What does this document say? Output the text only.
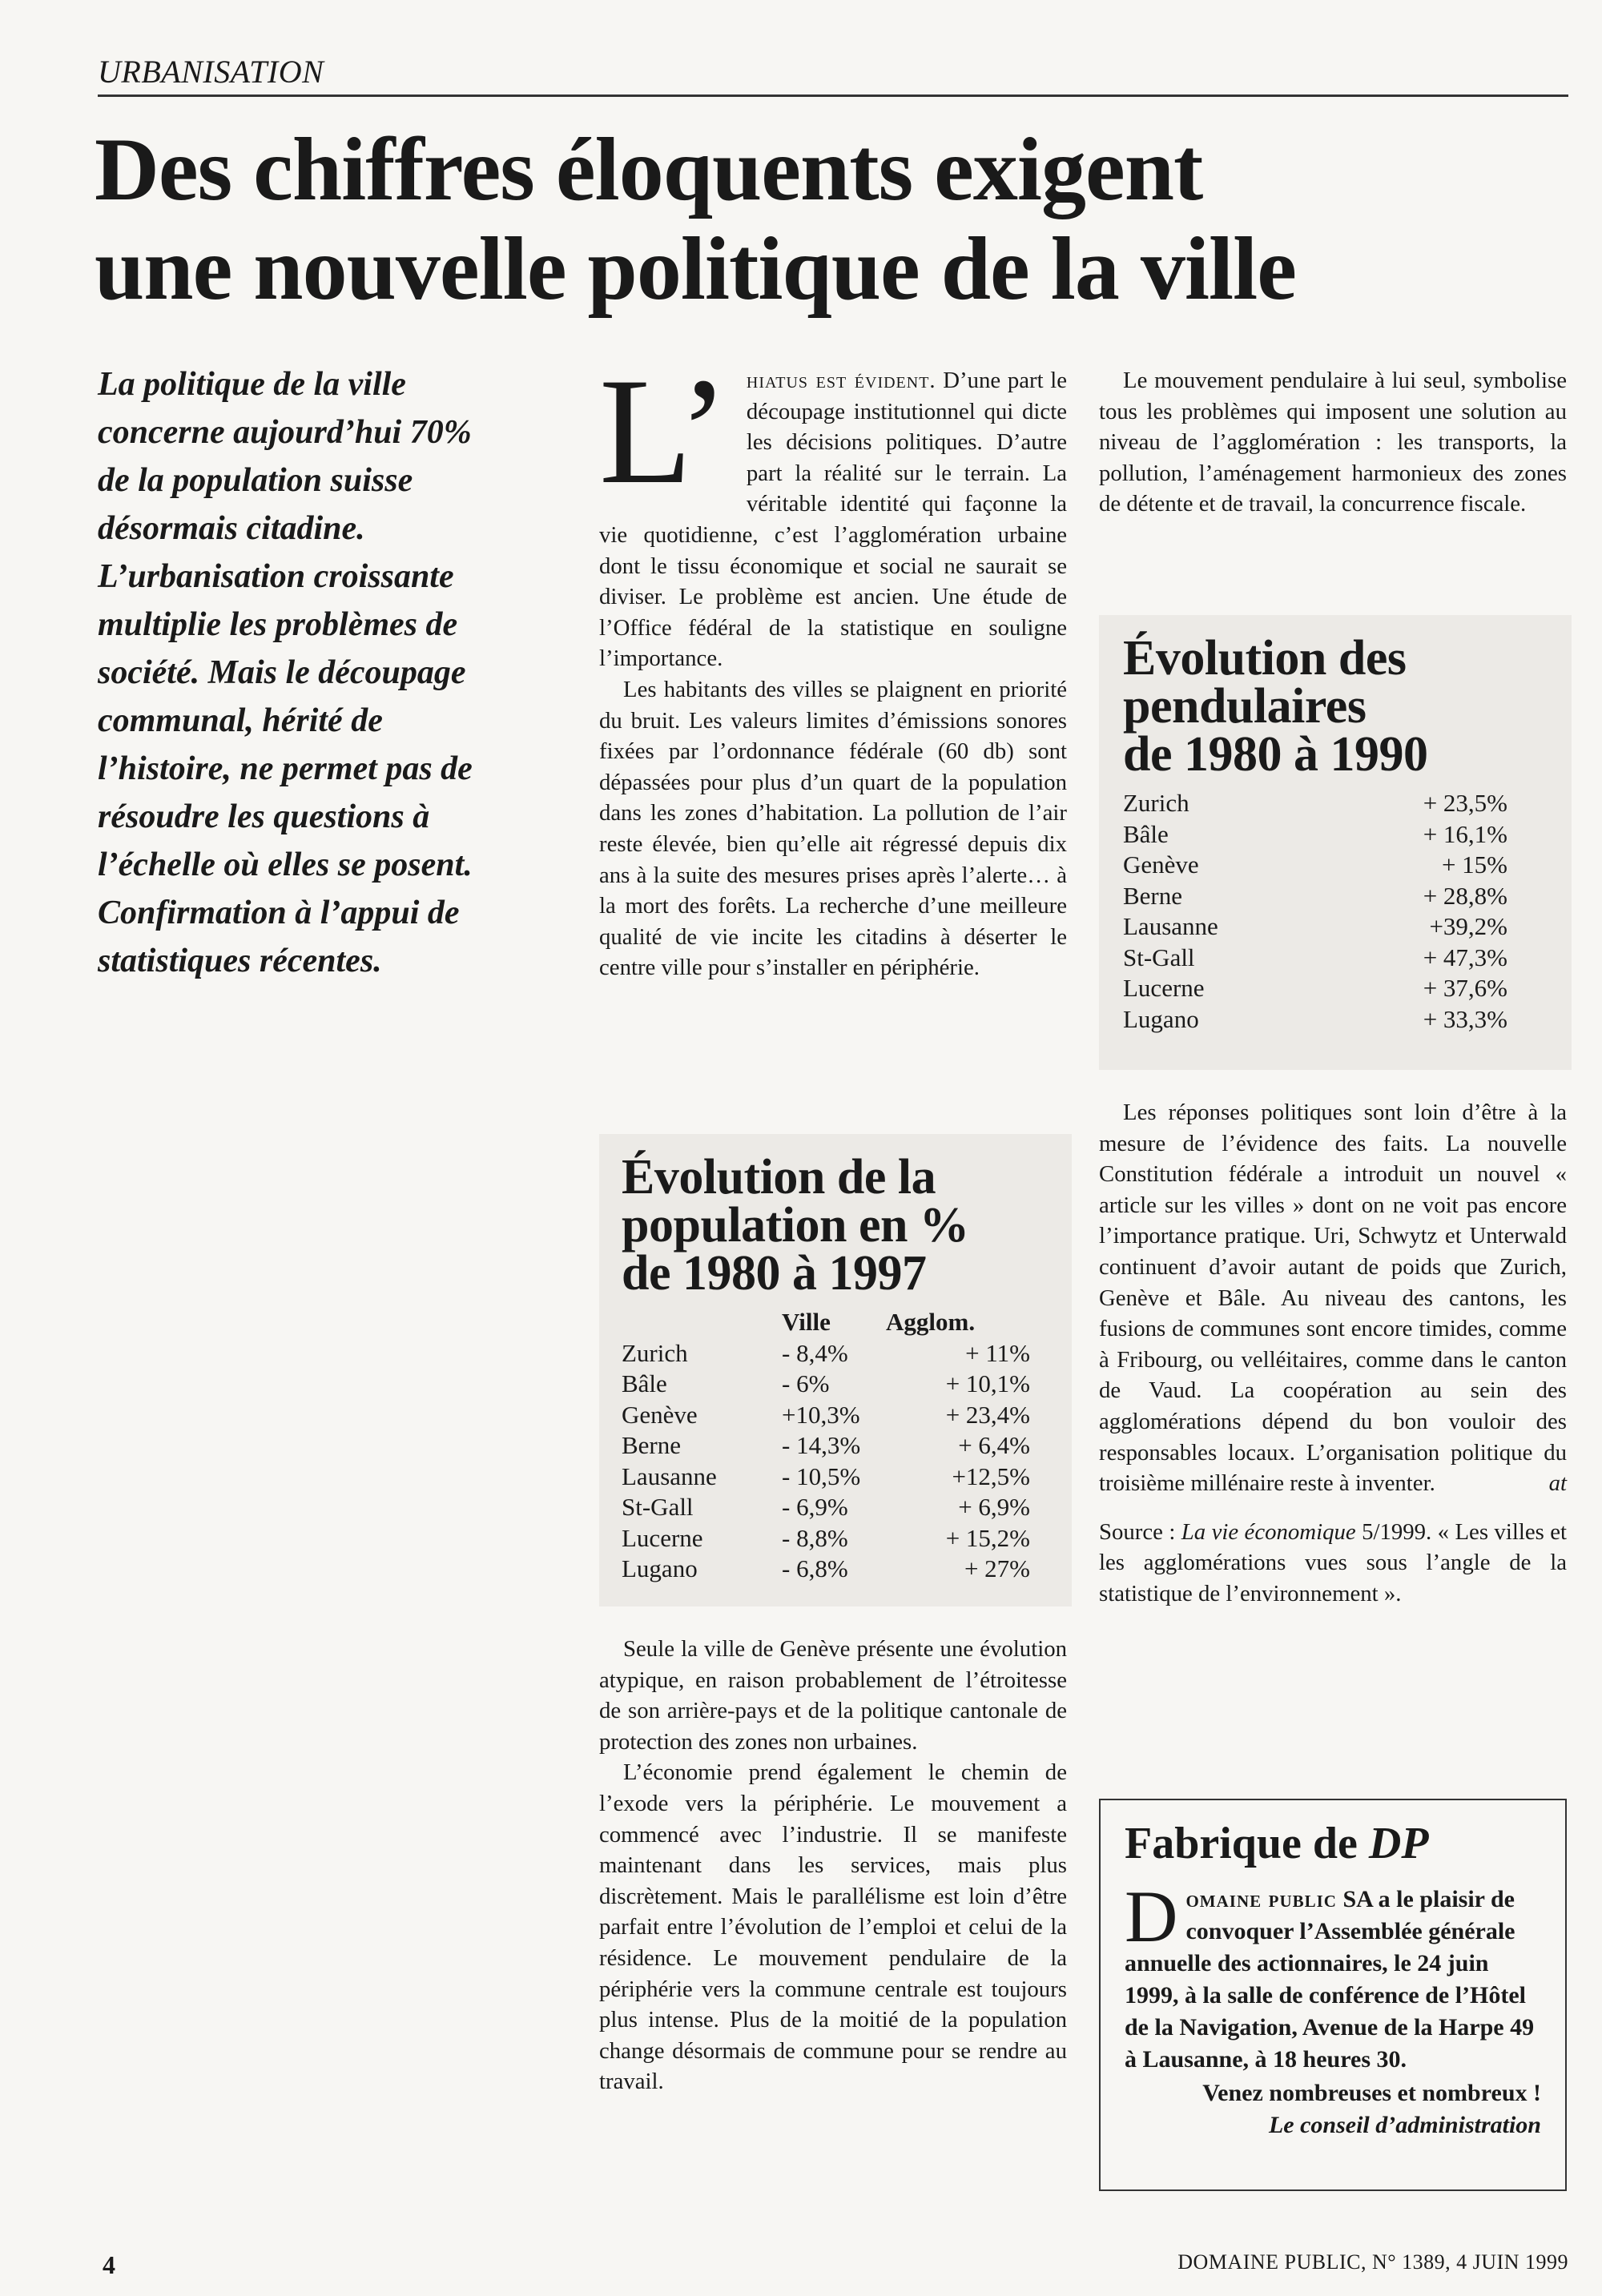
URBANISATION
Des chiffres éloquents exigent
une nouvelle politique de la ville
La politique de la ville
concerne aujourd’hui 70%
de la population suisse
désormais citadine.
L’urbanisation croissante
multiplie les problèmes de
société. Mais le découpage
communal, hérité de
l’histoire, ne permet pas de
résoudre les questions à
l’échelle où elles se posent.
Confirmation à l’appui de
statistiques récentes.

L’ hiatus est évident. D’une part le découpage institutionnel qui dicte les décisions politiques. D’autre part la réalité sur le terrain. La véritable identité qui façonne la vie quotidienne, c’est l’agglomération urbaine dont le tissu économique et social ne saurait se diviser. Le problème est ancien. Une étude de l’Office fédéral de la statistique en souligne l’importance.

Les habitants des villes se plaignent en priorité du bruit. Les valeurs limites d’émissions sonores fixées par l’ordonnance fédérale (60 db) sont dépassées pour plus d’un quart de la population dans les zones d’habitation. La pollution de l’air reste élevée, bien qu’elle ait régressé depuis dix ans à la suite des mesures prises après l’alerte… à la mort des forêts. La recherche d’une meilleure qualité de vie incite les citadins à déserter le centre ville pour s’installer en périphérie.

Évolution de la
population en %
de 1980 à 1997
	Ville	Agglom.
Zurich	- 8,4%	+ 11%
Bâle	- 6%	+ 10,1%
Genève	+10,3%	+ 23,4%
Berne	- 14,3%	+ 6,4%
Lausanne	- 10,5%	+12,5%
St-Gall	- 6,9%	+ 6,9%
Lucerne	- 8,8%	+ 15,2%
Lugano	- 6,8%	+ 27%

Seule la ville de Genève présente une évolution atypique, en raison probablement de l’étroitesse de son arrière-pays et de la politique cantonale de protection des zones non urbaines.

L’économie prend également le chemin de l’exode vers la périphérie. Le mouvement a commencé avec l’industrie. Il se manifeste maintenant dans les services, mais plus discrètement. Mais le parallélisme est loin d’être parfait entre l’évolution de l’emploi et celui de la résidence. Le mouvement pendulaire de la périphérie vers la commune centrale est toujours plus intense. Plus de la moitié de la population change désormais de commune pour se rendre au travail.

Le mouvement pendulaire à lui seul, symbolise tous les problèmes qui imposent une solution au niveau de l’agglomération : les transports, la pollution, l’aménagement harmonieux des zones de détente et de travail, la concurrence fiscale.

Évolution des
pendulaires
de 1980 à 1990
Zurich	+ 23,5%
Bâle	+ 16,1%
Genève	+ 15%
Berne	+ 28,8%
Lausanne	+39,2%
St-Gall	+ 47,3%
Lucerne	+ 37,6%
Lugano	+ 33,3%

Les réponses politiques sont loin d’être à la mesure de l’évidence des faits. La nouvelle Constitution fédérale a introduit un nouvel « article sur les villes » dont on ne voit pas encore l’importance pratique. Uri, Schwytz et Unterwald continuent d’avoir autant de poids que Zurich, Genève et Bâle. Au niveau des cantons, les fusions de communes sont encore timides, comme à Fribourg, ou velléitaires, comme dans le canton de Vaud. La coopération au sein des agglomérations dépend du bon vouloir des responsables locaux. L’organisation politique du troisième millénaire reste à inventer.	at

Source : La vie économique 5/1999. « Les villes et les agglomérations vues sous l’angle de la statistique de l’environnement ».

Fabrique de DP

Domaine public SA a le plaisir de convoquer l’Assemblée générale annuelle des actionnaires, le 24 juin 1999, à la salle de conférence de l’Hôtel de la Navigation, Avenue de la Harpe 49 à Lausanne, à 18 heures 30.

Venez nombreuses et nombreux !

Le conseil d’administration

4	DOMAINE PUBLIC, N° 1389, 4 JUIN 1999
